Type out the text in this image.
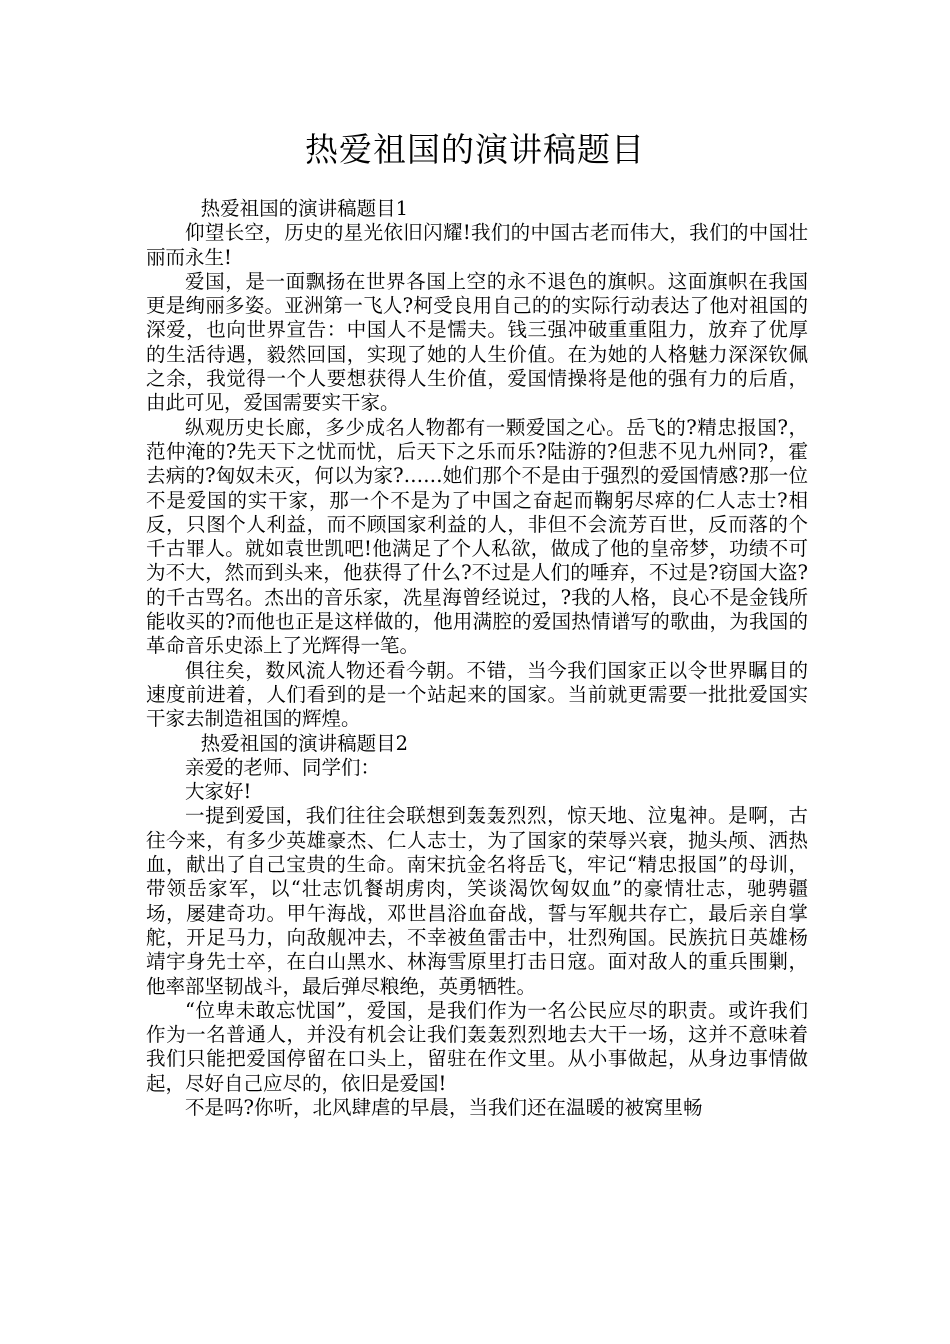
热爱祖国的演讲稿题目

热爱祖国的演讲稿题目1

仰望长空，历史的星光依旧闪耀!我们的中国古老而伟大，我们的中国壮丽而永生!

爱国，是一面飘扬在世界各国上空的永不退色的旗帜。这面旗帜在我国更是绚丽多姿。亚洲第一飞人?柯受良用自己的的实际行动表达了他对祖国的深爱，也向世界宣告：中国人不是懦夫。钱三强冲破重重阻力，放弃了优厚的生活待遇，毅然回国，实现了她的人生价值。在为她的人格魅力深深钦佩之余，我觉得一个人要想获得人生价值，爱国情操将是他的强有力的后盾，由此可见，爱国需要实干家。

纵观历史长廊，多少成名人物都有一颗爱国之心。岳飞的?精忠报国?，范仲淹的?先天下之忧而忧，后天下之乐而乐?陆游的?但悲不见九州同?，霍去病的?匈奴未灭，何以为家?……她们那个不是由于强烈的爱国情感?那一位不是爱国的实干家，那一个不是为了中国之奋起而鞠躬尽瘁的仁人志士?相反，只图个人利益，而不顾国家利益的人，非但不会流芳百世，反而落的个千古罪人。就如袁世凯吧!他满足了个人私欲，做成了他的皇帝梦，功绩不可为不大，然而到头来，他获得了什么?不过是人们的唾弃，不过是?窃国大盗?的千古骂名。杰出的音乐家，冼星海曾经说过，?我的人格，良心不是金钱所能收买的?而他也正是这样做的，他用满腔的爱国热情谱写的歌曲，为我国的革命音乐史添上了光辉得一笔。

俱往矣，数风流人物还看今朝。不错，当今我们国家正以令世界瞩目的速度前进着，人们看到的是一个站起来的国家。当前就更需要一批批爱国实干家去制造祖国的辉煌。

热爱祖国的演讲稿题目2

亲爱的老师、同学们：

大家好!

一提到爱国，我们往往会联想到轰轰烈烈，惊天地、泣鬼神。是啊，古往今来，有多少英雄豪杰、仁人志士，为了国家的荣辱兴衰，抛头颅、洒热血，献出了自己宝贵的生命。南宋抗金名将岳飞，牢记“精忠报国”的母训，带领岳家军，以“壮志饥餐胡虏肉，笑谈渴饮匈奴血”的豪情壮志，驰骋疆场，屡建奇功。甲午海战，邓世昌浴血奋战，誓与军舰共存亡，最后亲自掌舵，开足马力，向敌舰冲去，不幸被鱼雷击中，壮烈殉国。民族抗日英雄杨靖宇身先士卒，在白山黑水、林海雪原里打击日寇。面对敌人的重兵围剿，他率部坚韧战斗，最后弹尽粮绝，英勇牺牲。

“位卑未敢忘忧国”，爱国，是我们作为一名公民应尽的职责。或许我们作为一名普通人，并没有机会让我们轰轰烈烈地去大干一场，这并不意味着我们只能把爱国停留在口头上，留驻在作文里。从小事做起，从身边事情做起，尽好自己应尽的，依旧是爱国!

不是吗?你听，北风肆虐的早晨，当我们还在温暖的被窝里畅
